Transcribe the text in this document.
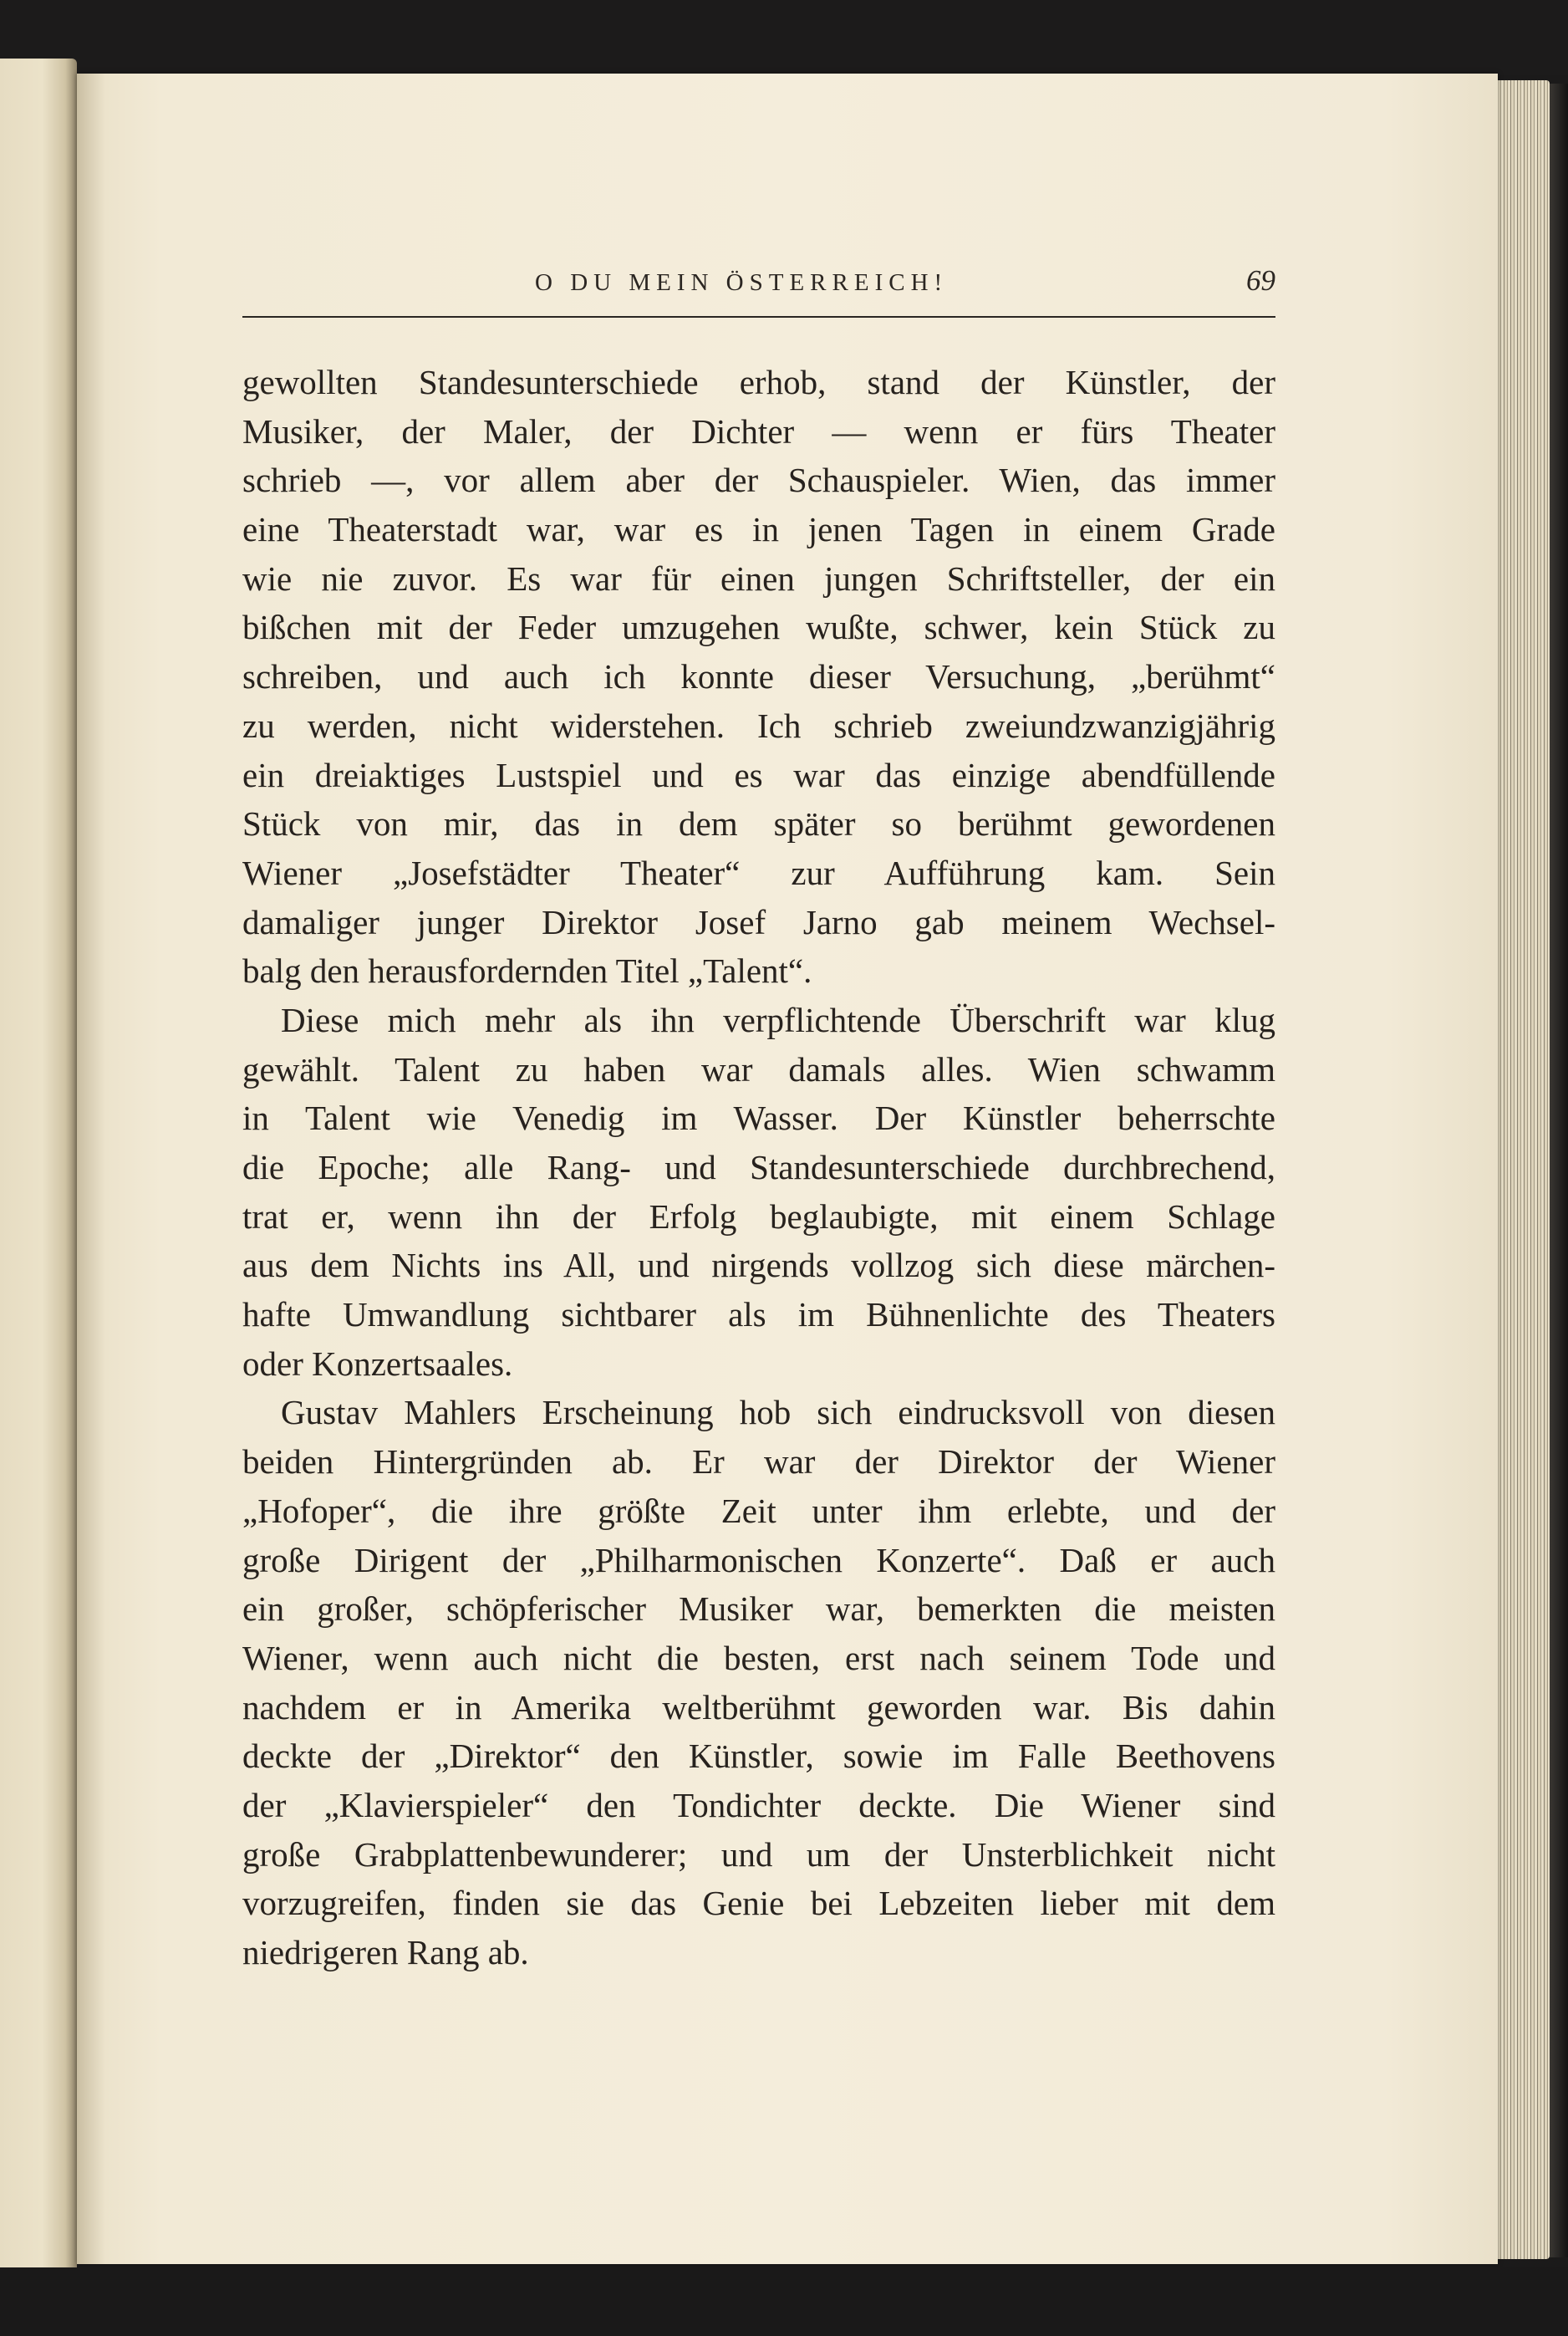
O DU MEIN ÖSTERREICH!	69
gewollten Standesunterschiede erhob, stand der Künstler, der
Musiker, der Maler, der Dichter — wenn er fürs Theater
schrieb —, vor allem aber der Schauspieler. Wien, das immer
eine Theaterstadt war, war es in jenen Tagen in einem Grade
wie nie zuvor. Es war für einen jungen Schriftsteller, der ein
bißchen mit der Feder umzugehen wußte, schwer, kein Stück zu
schreiben, und auch ich konnte dieser Versuchung, „berühmt“
zu werden, nicht widerstehen. Ich schrieb zweiundzwanzigjährig
ein dreiaktiges Lustspiel und es war das einzige abendfüllende
Stück von mir, das in dem später so berühmt gewordenen
Wiener „Josefstädter Theater“ zur Aufführung kam. Sein
damaliger junger Direktor Josef Jarno gab meinem Wechsel-
balg den herausfordernden Titel „Talent“.
Diese mich mehr als ihn verpflichtende Überschrift war klug
gewählt. Talent zu haben war damals alles. Wien schwamm
in Talent wie Venedig im Wasser. Der Künstler beherrschte
die Epoche; alle Rang- und Standesunterschiede durchbrechend,
trat er, wenn ihn der Erfolg beglaubigte, mit einem Schlage
aus dem Nichts ins All, und nirgends vollzog sich diese märchen-
hafte Umwandlung sichtbarer als im Bühnenlichte des Theaters
oder Konzertsaales.
Gustav Mahlers Erscheinung hob sich eindrucksvoll von diesen
beiden Hintergründen ab. Er war der Direktor der Wiener
„Hofoper“, die ihre größte Zeit unter ihm erlebte, und der
große Dirigent der „Philharmonischen Konzerte“. Daß er auch
ein großer, schöpferischer Musiker war, bemerkten die meisten
Wiener, wenn auch nicht die besten, erst nach seinem Tode und
nachdem er in Amerika weltberühmt geworden war. Bis dahin
deckte der „Direktor“ den Künstler, sowie im Falle Beethovens
der „Klavierspieler“ den Tondichter deckte. Die Wiener sind
große Grabplattenbewunderer; und um der Unsterblichkeit nicht
vorzugreifen, finden sie das Genie bei Lebzeiten lieber mit dem
niedrigeren Rang ab.
